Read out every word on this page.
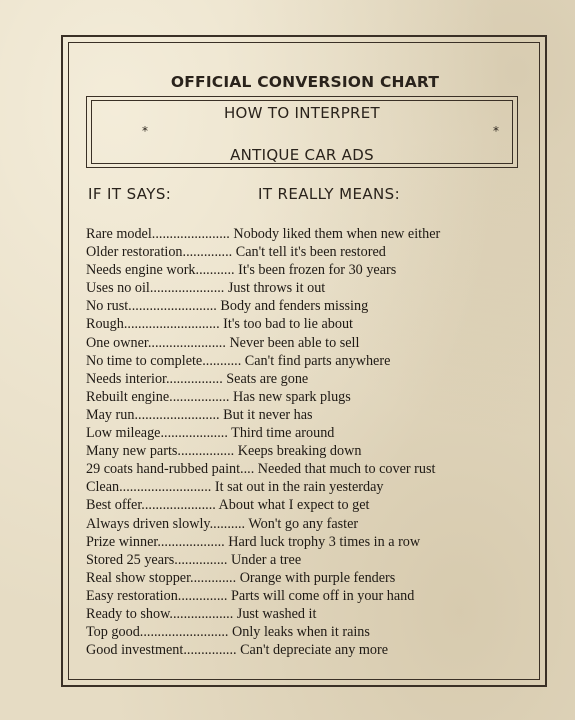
OFFICIAL CONVERSION CHART
HOW TO INTERPRET
ANTIQUE CAR ADS
*	*
IF IT SAYS:	IT REALLY MEANS:
Rare model...................... Nobody liked them when new either
Older restoration.............. Can't tell it's been restored
Needs engine work........... It's been frozen for 30 years
Uses no oil..................... Just throws it out
No rust......................... Body and fenders missing
Rough........................... It's too bad to lie about
One owner...................... Never been able to sell
No time to complete........... Can't find parts anywhere
Needs interior................ Seats are gone
Rebuilt engine................. Has new spark plugs
May run........................ But it never has
Low mileage................... Third time around
Many new parts................ Keeps breaking down
29 coats hand-rubbed paint.... Needed that much to cover rust
Clean.......................... It sat out in the rain yesterday
Best offer..................... About what I expect to get
Always driven slowly.......... Won't go any faster
Prize winner................... Hard luck trophy 3 times in a row
Stored 25 years............... Under a tree
Real show stopper............. Orange with purple fenders
Easy restoration.............. Parts will come off in your hand
Ready to show.................. Just washed it
Top good......................... Only leaks when it rains
Good investment............... Can't depreciate any more
